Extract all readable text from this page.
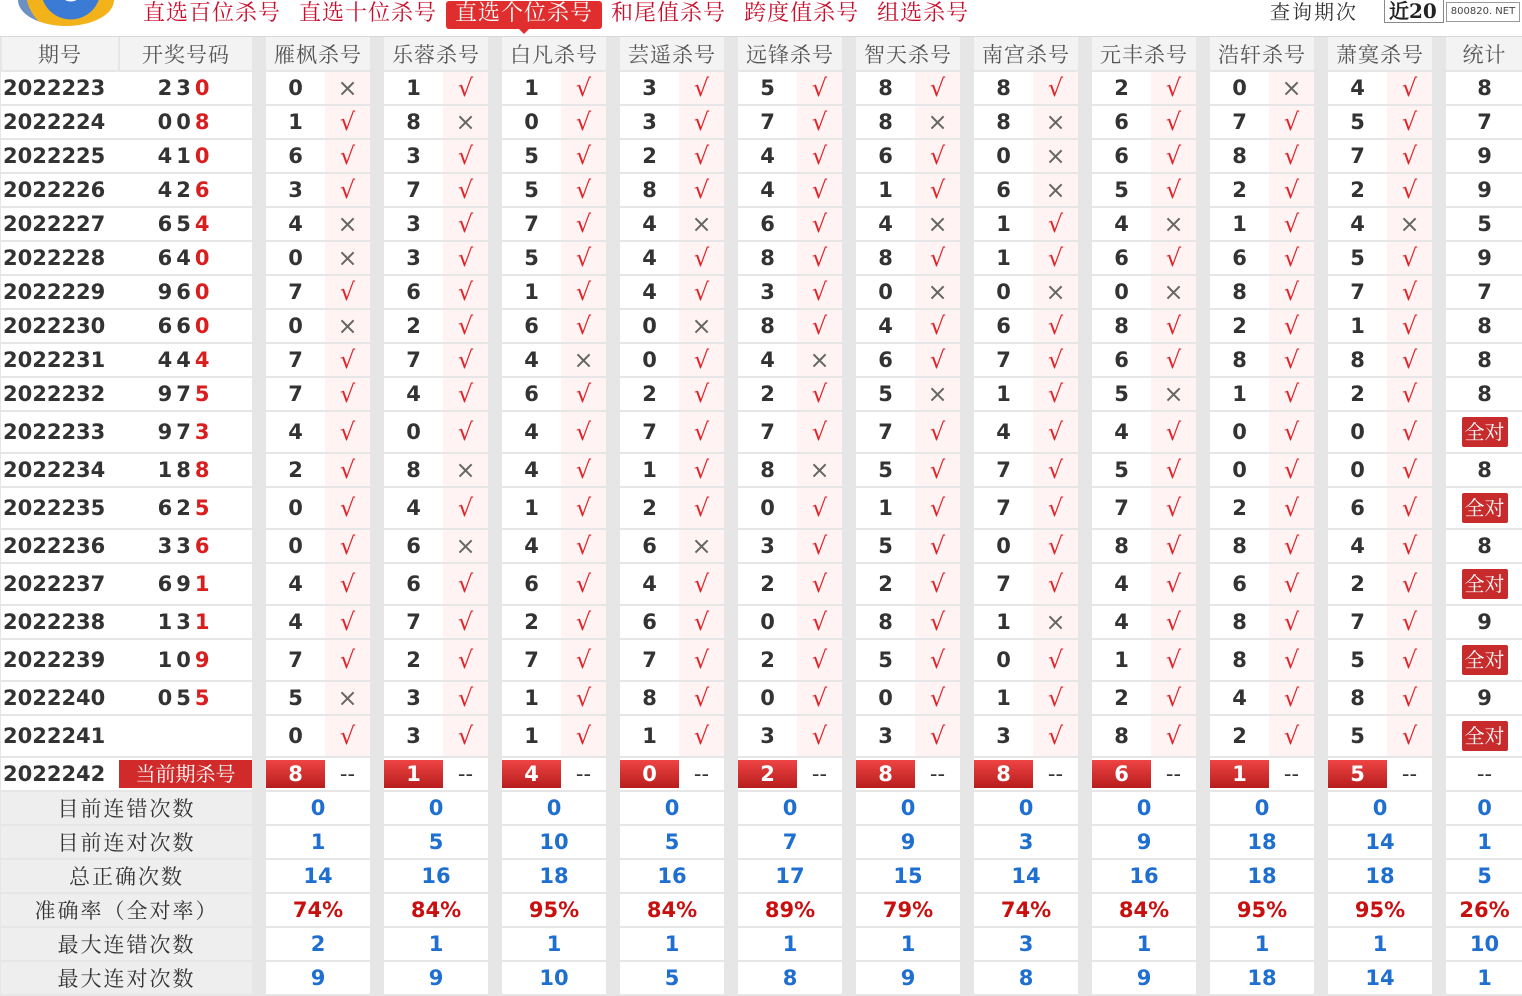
直选百位杀号 直选十位杀号 直选个位杀号 和尾值杀号 跨度值杀号 组选杀号	查询期次 近20	800820. NET
期号	开奖号码	雁枫杀号		乐蓉杀号		白凡杀号		芸遥杀号		远锋杀号		智天杀号		南宫杀号		元丰杀号		浩轩杀号		萧寞杀号		统计
2022223	230	0	×	1	√	1	√	3	√	5	√	8	√	8	√	2	√	0	×	4	√	8
2022224	008	1	√	8	×	0	√	3	√	7	√	8	×	8	×	6	√	7	√	5	√	7
2022225	410	6	√	3	√	5	√	2	√	4	√	6	√	0	×	6	√	8	√	7	√	9
2022226	426	3	√	7	√	5	√	8	√	4	√	1	√	6	×	5	√	2	√	2	√	9
2022227	654	4	×	3	√	7	√	4	×	6	√	4	×	1	√	4	×	1	√	4	×	5
2022228	640	0	×	3	√	5	√	4	√	8	√	8	√	1	√	6	√	6	√	5	√	9
2022229	960	7	√	6	√	1	√	4	√	3	√	0	×	0	×	0	×	8	√	7	√	7
2022230	660	0	×	2	√	6	√	0	×	8	√	4	√	6	√	8	√	2	√	1	√	8
2022231	444	7	√	7	√	4	×	0	√	4	×	6	√	7	√	6	√	8	√	8	√	8
2022232	975	7	√	4	√	6	√	2	√	2	√	5	×	1	√	5	×	1	√	2	√	8
2022233	973	4	√	0	√	4	√	7	√	7	√	7	√	4	√	4	√	0	√	0	√	全对
2022234	188	2	√	8	×	4	√	1	√	8	×	5	√	7	√	5	√	0	√	0	√	8
2022235	625	0	√	4	√	1	√	2	√	0	√	1	√	7	√	7	√	2	√	6	√	全对
2022236	336	0	√	6	×	4	√	6	×	3	√	5	√	0	√	8	√	8	√	4	√	8
2022237	691	4	√	6	√	6	√	4	√	2	√	2	√	7	√	4	√	6	√	2	√	全对
2022238	131	4	√	7	√	2	√	6	√	0	√	8	√	1	×	4	√	8	√	7	√	9
2022239	109	7	√	2	√	7	√	7	√	2	√	5	√	0	√	1	√	8	√	5	√	全对
2022240	055	5	×	3	√	1	√	8	√	0	√	0	√	1	√	2	√	4	√	8	√	9
2022241		0	√	3	√	1	√	1	√	3	√	3	√	3	√	8	√	2	√	5	√	全对
2022242	当前期杀号	8	--	1	--	4	--	0	--	2	--	8	--	8	--	6	--	1	--	5	--	--
目前连错次数		0		0		0		0		0		0		0		0		0		0		0
目前连对次数		1		5		10		5		7		9		3		9		18		14		1
总正确次数		14		16		18		16		17		15		14		16		18		18		5
准确率（全对率）		74%		84%		95%		84%		89%		79%		74%		84%		95%		95%		26%
最大连错次数		2		1		1		1		1		1		3		1		1		1		10
最大连对次数		9		9		10		5		8		9		8		9		18		14		1
